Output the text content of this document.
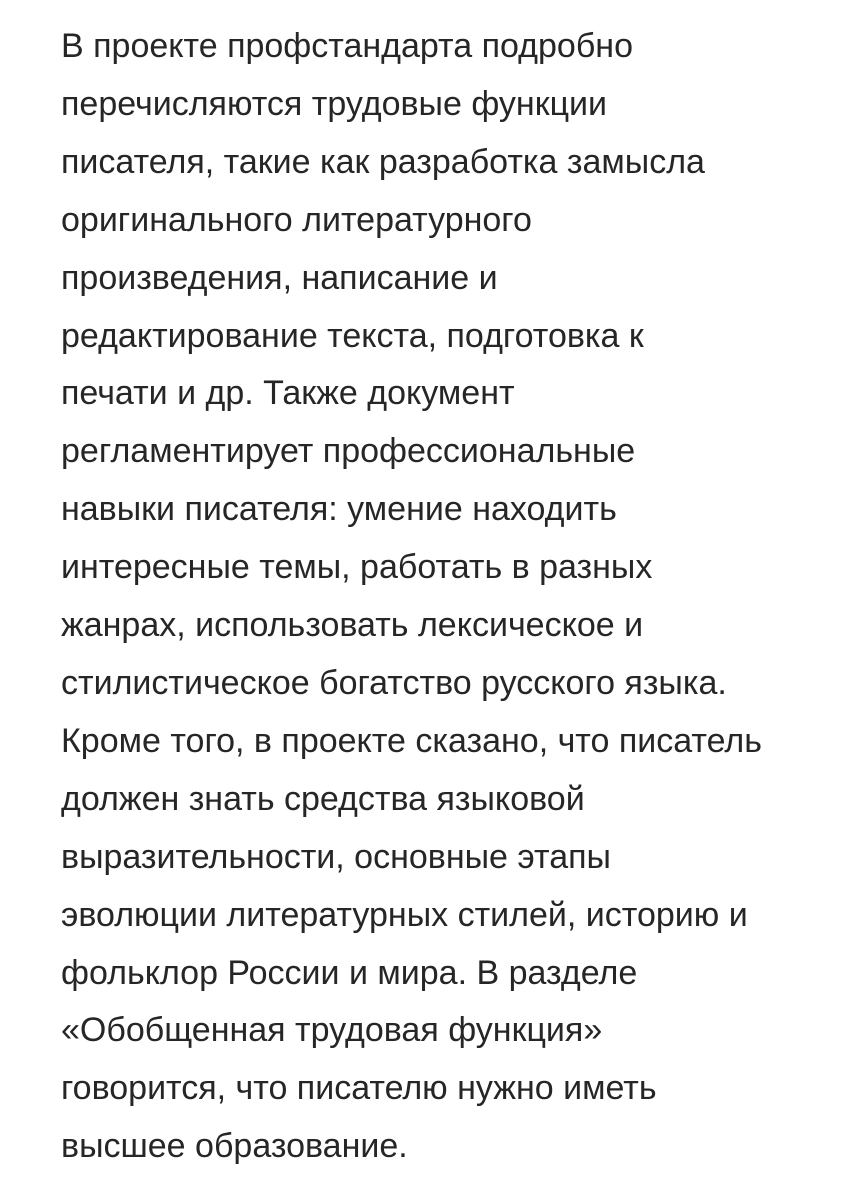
В проекте профстандарта подробно
перечисляются трудовые функции
писателя, такие как разработка замысла
оригинального литературного
произведения, написание и
редактирование текста, подготовка к
печати и др. Также документ
регламентирует профессиональные
навыки писателя: умение находить
интересные темы, работать в разных
жанрах, использовать лексическое и
стилистическое богатство русского языка.
Кроме того, в проекте сказано, что писатель
должен знать средства языковой
выразительности, основные этапы
эволюции литературных стилей, историю и
фольклор России и мира. В разделе
«Обобщенная трудовая функция»
говорится, что писателю нужно иметь
высшее образование.
